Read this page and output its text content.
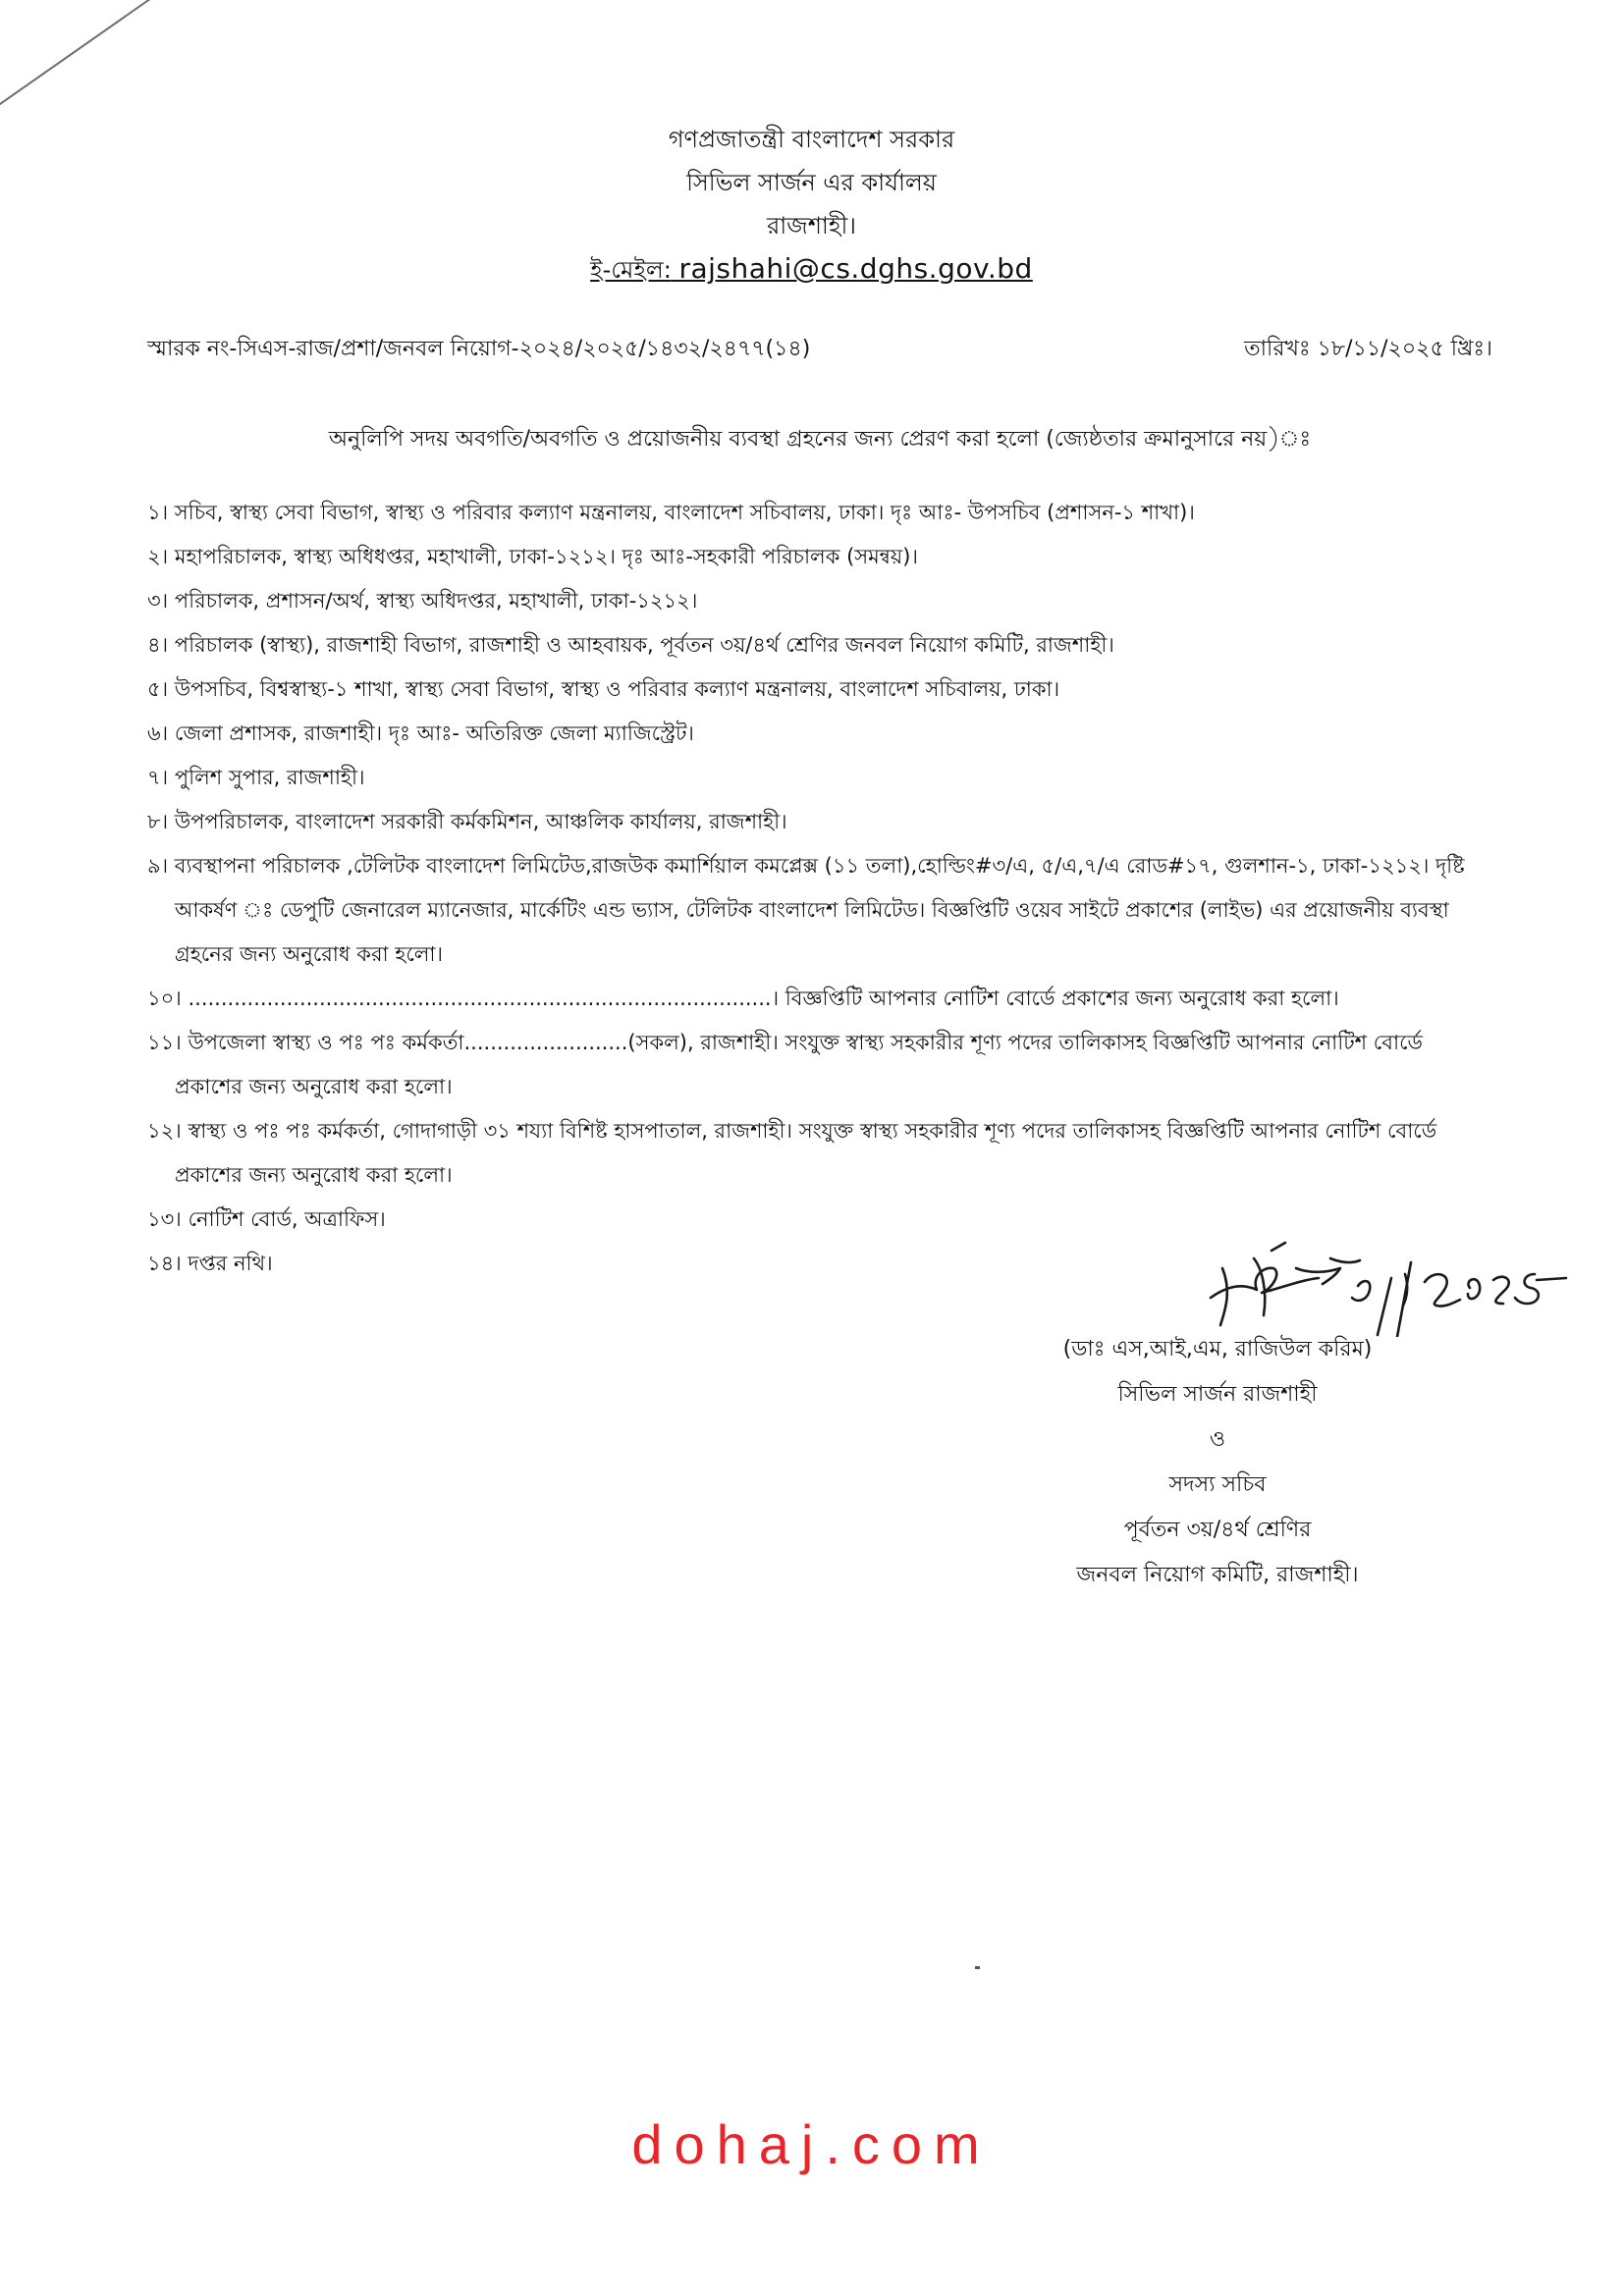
গণপ্রজাতন্ত্রী বাংলাদেশ সরকার
সিভিল সার্জন এর কার্যালয়
রাজশাহী।
ই-মেইল: rajshahi@cs.dghs.gov.bd
স্মারক নং-সিএস-রাজ/প্রশা/জনবল নিয়োগ-২০২৪/২০২৫/১৪৩২/২৪৭৭(১৪)	তারিখঃ ১৮/১১/২০২৫ খ্রিঃ।
অনুলিপি সদয় অবগতি/অবগতি ও প্রয়োজনীয় ব্যবস্থা গ্রহনের জন্য প্রেরণ করা হলো (জ্যেষ্ঠতার ক্রমানুসারে নয়)ঃ
১। সচিব, স্বাস্থ্য সেবা বিভাগ, স্বাস্থ্য ও পরিবার কল্যাণ মন্ত্রনালয়, বাংলাদেশ সচিবালয়, ঢাকা। দৃঃ আঃ- উপসচিব (প্রশাসন-১ শাখা)।
২। মহাপরিচালক, স্বাস্থ্য অধিধপ্তর, মহাখালী, ঢাকা-১২১২। দৃঃ আঃ-সহকারী পরিচালক (সমন্বয়)।
৩। পরিচালক, প্রশাসন/অর্থ, স্বাস্থ্য অধিদপ্তর, মহাখালী, ঢাকা-১২১২।
৪। পরিচালক (স্বাস্থ্য), রাজশাহী বিভাগ, রাজশাহী ও আহবায়ক, পূর্বতন ৩য়/৪র্থ শ্রেণির জনবল নিয়োগ কমিটি, রাজশাহী।
৫। উপসচিব, বিশ্বস্বাস্থ্য-১ শাখা, স্বাস্থ্য সেবা বিভাগ, স্বাস্থ্য ও পরিবার কল্যাণ মন্ত্রনালয়, বাংলাদেশ সচিবালয়, ঢাকা।
৬। জেলা প্রশাসক, রাজশাহী। দৃঃ আঃ- অতিরিক্ত জেলা ম্যাজিস্ট্রেট।
৭। পুলিশ সুপার, রাজশাহী।
৮। উপপরিচালক, বাংলাদেশ সরকারী কর্মকমিশন, আঞ্চলিক কার্যালয়, রাজশাহী।
৯। ব্যবস্থাপনা পরিচালক ,টেলিটক বাংলাদেশ লিমিটেড,রাজউক কমার্শিয়াল কমপ্লেক্স (১১ তলা),হোল্ডিং#৩/এ, ৫/এ,৭/এ রোড#১৭, গুলশান-১, ঢাকা-১২১২। দৃষ্টি আকর্ষণ ঃ ডেপুটি জেনারেল ম্যানেজার, মার্কেটিং এন্ড ভ্যাস, টেলিটক বাংলাদেশ লিমিটেড। বিজ্ঞপ্তিটি ওয়েব সাইটে প্রকাশের (লাইভ) এর প্রয়োজনীয় ব্যবস্থা গ্রহনের জন্য অনুরোধ করা হলো।
১০। .........................................................................................। বিজ্ঞপ্তিটি আপনার নোটিশ বোর্ডে প্রকাশের জন্য অনুরোধ করা হলো।
১১। উপজেলা স্বাস্থ্য ও পঃ পঃ কর্মকর্তা.........................(সকল), রাজশাহী। সংযুক্ত স্বাস্থ্য সহকারীর শূণ্য পদের তালিকাসহ বিজ্ঞপ্তিটি আপনার নোটিশ বোর্ডে প্রকাশের জন্য অনুরোধ করা হলো।
১২। স্বাস্থ্য ও পঃ পঃ কর্মকর্তা, গোদাগাড়ী ৩১ শয্যা বিশিষ্ট হাসপাতাল, রাজশাহী। সংযুক্ত স্বাস্থ্য সহকারীর শূণ্য পদের তালিকাসহ বিজ্ঞপ্তিটি আপনার নোটিশ বোর্ডে প্রকাশের জন্য অনুরোধ করা হলো।
১৩। নোটিশ বোর্ড, অত্রাফিস।
১৪। দপ্তর নথি।
(ডাঃ এস,আই,এম, রাজিউল করিম)
সিভিল সার্জন রাজশাহী
ও
সদস্য সচিব
পূর্বতন ৩য়/৪র্থ শ্রেণির
জনবল নিয়োগ কমিটি, রাজশাহী।
dohaj.com
